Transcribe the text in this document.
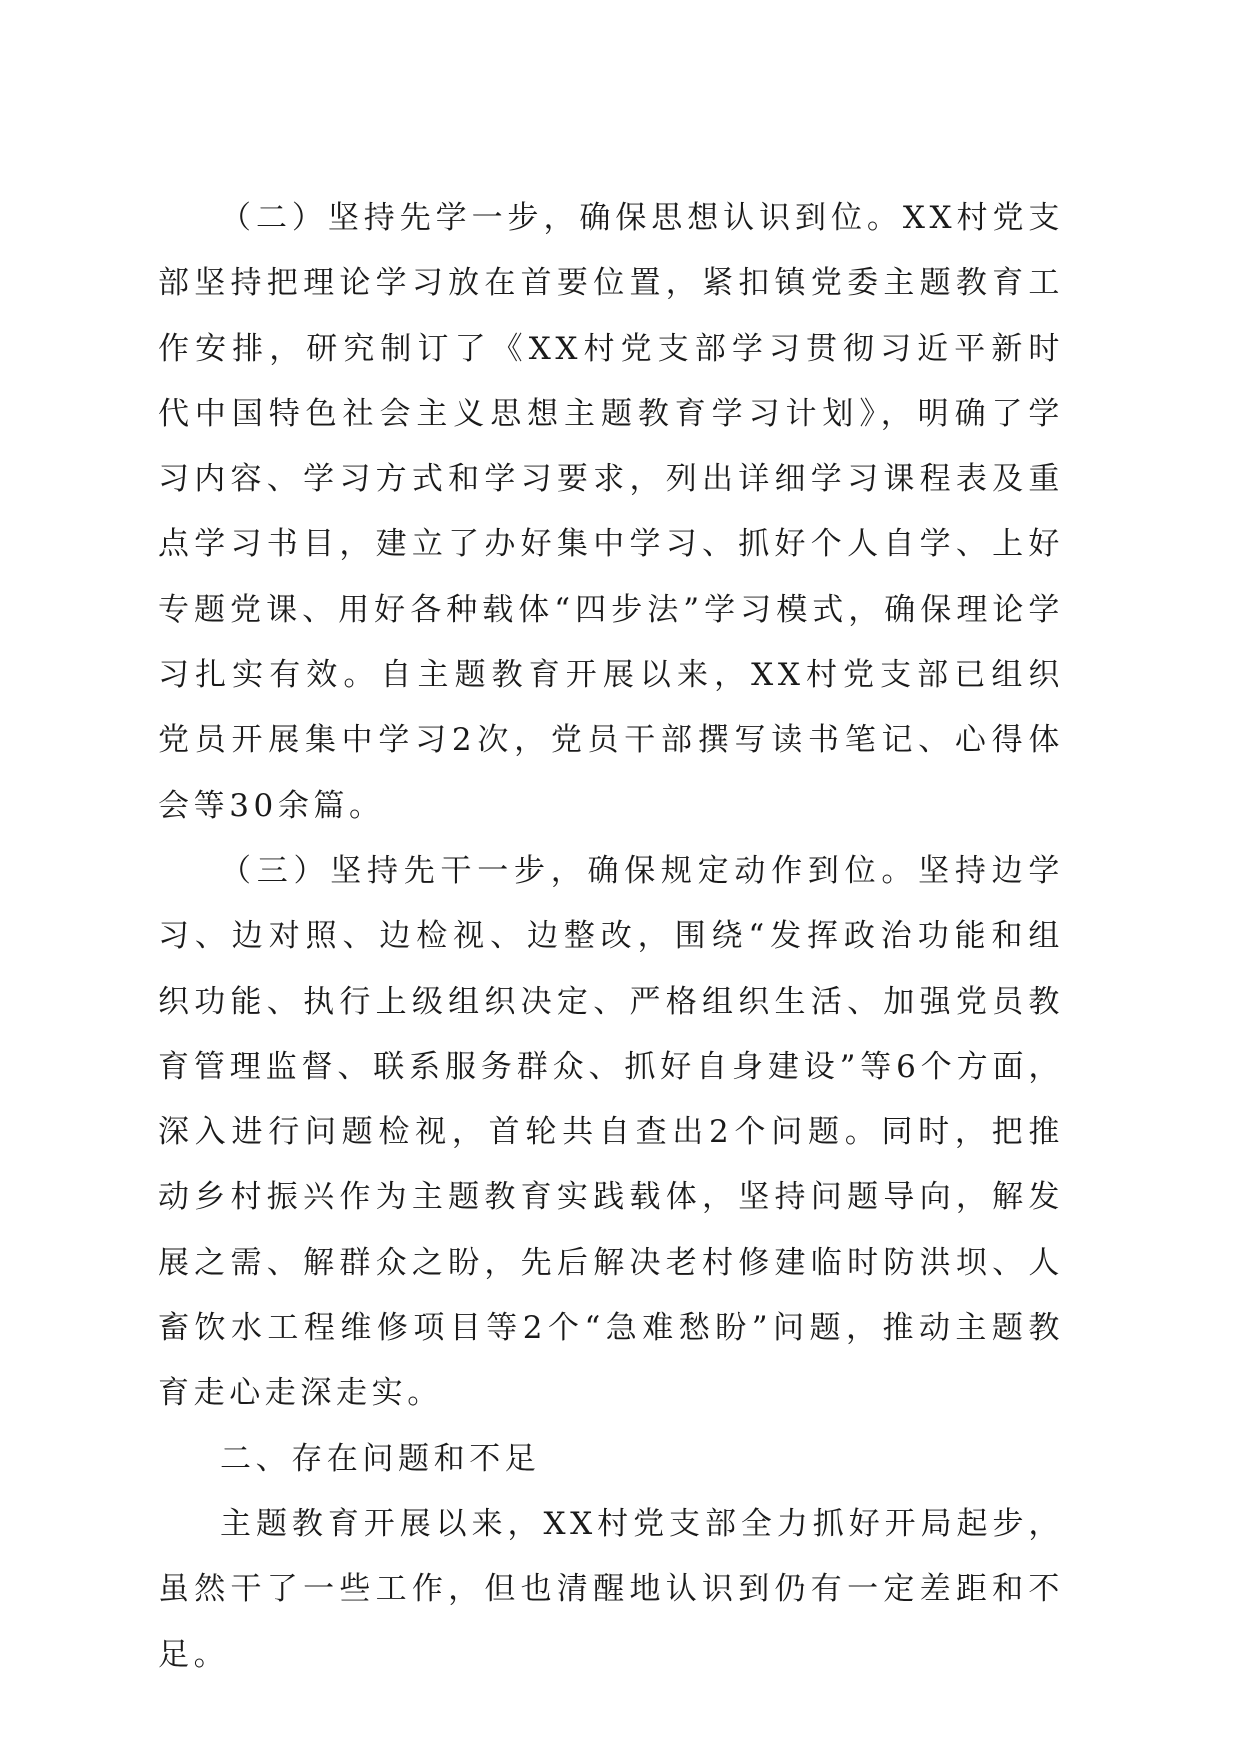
（二）坚持先学一步，确保思想认识到位。XX村党支部坚持把理论学习放在首要位置，紧扣镇党委主题教育工作安排，研究制订了《XX村党支部学习贯彻习近平新时代中国特色社会主义思想主题教育学习计划》，明确了学习内容、学习方式和学习要求，列出详细学习课程表及重点学习书目，建立了办好集中学习、抓好个人自学、上好专题党课、用好各种载体“四步法”学习模式，确保理论学习扎实有效。自主题教育开展以来，XX村党支部已组织党员开展集中学习2次，党员干部撰写读书笔记、心得体会等30余篇。

（三）坚持先干一步，确保规定动作到位。坚持边学习、边对照、边检视、边整改，围绕“发挥政治功能和组织功能、执行上级组织决定、严格组织生活、加强党员教育管理监督、联系服务群众、抓好自身建设”等6个方面，深入进行问题检视，首轮共自查出2个问题。同时，把推动乡村振兴作为主题教育实践载体，坚持问题导向，解发展之需、解群众之盼，先后解决老村修建临时防洪坝、人畜饮水工程维修项目等2个“急难愁盼”问题，推动主题教育走心走深走实。

二、存在问题和不足

主题教育开展以来，XX村党支部全力抓好开局起步，虽然干了一些工作，但也清醒地认识到仍有一定差距和不足。
